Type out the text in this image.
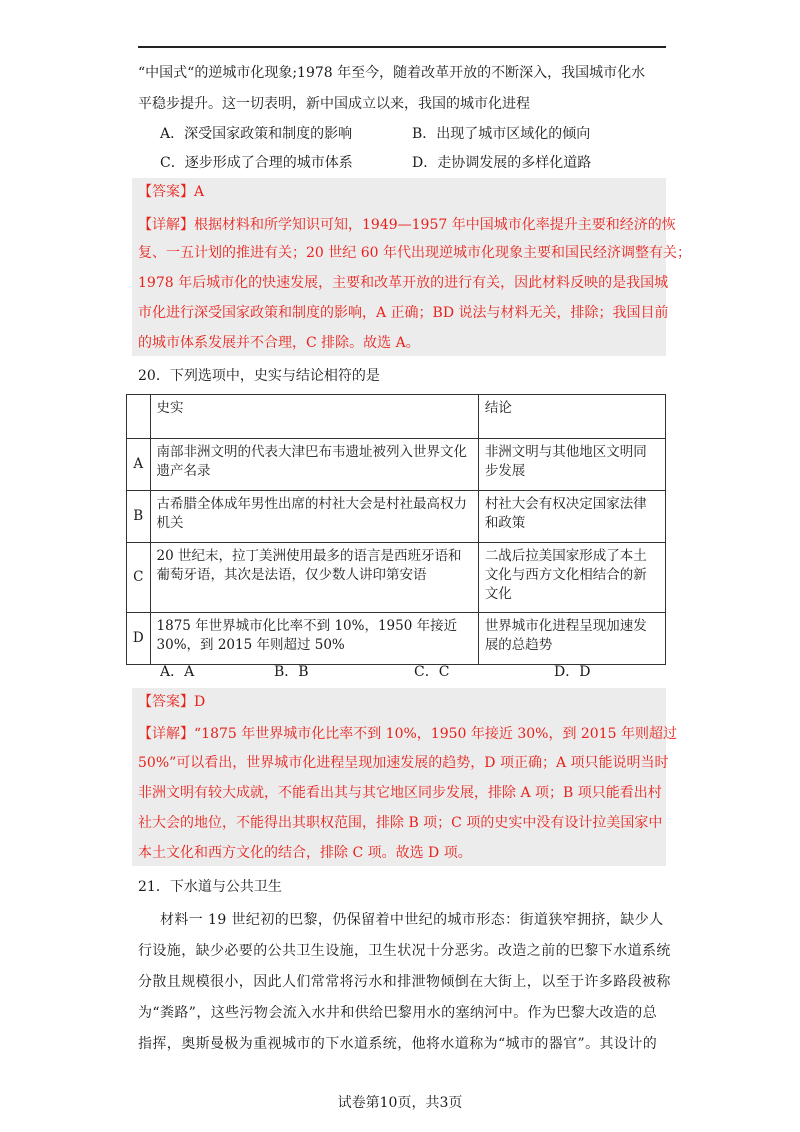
“中国式“的逆城市化现象;1978 年至今，随着改革开放的不断深入，我国城市化水
平稳步提升。这一切表明，新中国成立以来，我国的城市化进程
A．深受国家政策和制度的影响	B．出现了城市区域化的倾向
C．逐步形成了合理的城市体系	D．走协调发展的多样化道路
【答案】A
【详解】根据材料和所学知识可知，1949—1957 年中国城市化率提升主要和经济的恢
复、一五计划的推进有关；20 世纪 60 年代出现逆城市化现象主要和国民经济调整有关；
1978 年后城市化的快速发展，主要和改革开放的进行有关，因此材料反映的是我国城
市化进行深受国家政策和制度的影响，A 正确；BD 说法与材料无关，排除；我国目前
的城市体系发展并不合理，C 排除。故选 A。
20．下列选项中，史实与结论相符的是
	史实	结论
A	南部非洲文明的代表大津巴布韦遗址被列入世界文化遗产名录	非洲文明与其他地区文明同步发展
B	古希腊全体成年男性出席的村社大会是村社最高权力机关	村社大会有权决定国家法律和政策
C	20 世纪末，拉丁美洲使用最多的语言是西班牙语和葡萄牙语，其次是法语，仅少数人讲印第安语	二战后拉美国家形成了本土文化与西方文化相结合的新文化
D	1875 年世界城市化比率不到 10%，1950 年接近 30%，到 2015 年则超过 50%	世界城市化进程呈现加速发展的总趋势
A．A	B．B	C．C	D．D
【答案】D
【详解】“1875 年世界城市化比率不到 10%，1950 年接近 30%，到 2015 年则超过
50%”可以看出，世界城市化进程呈现加速发展的趋势，D 项正确；A 项只能说明当时
非洲文明有较大成就，不能看出其与其它地区同步发展，排除 A 项；B 项只能看出村
社大会的地位，不能得出其职权范围，排除 B 项；C 项的史实中没有设计拉美国家中
本土文化和西方文化的结合，排除 C 项。故选 D 项。
21．下水道与公共卫生
材料一 19 世纪初的巴黎，仍保留着中世纪的城市形态：街道狭窄拥挤，缺少人
行设施，缺少必要的公共卫生设施，卫生状况十分恶劣。改造之前的巴黎下水道系统
分散且规模很小，因此人们常常将污水和排泄物倾倒在大街上，以至于许多路段被称
为“粪路”，这些污物会流入水井和供给巴黎用水的塞纳河中。作为巴黎大改造的总
指挥，奥斯曼极为重视城市的下水道系统，他将水道称为“城市的器官”。其设计的
试卷第10页，共3页
